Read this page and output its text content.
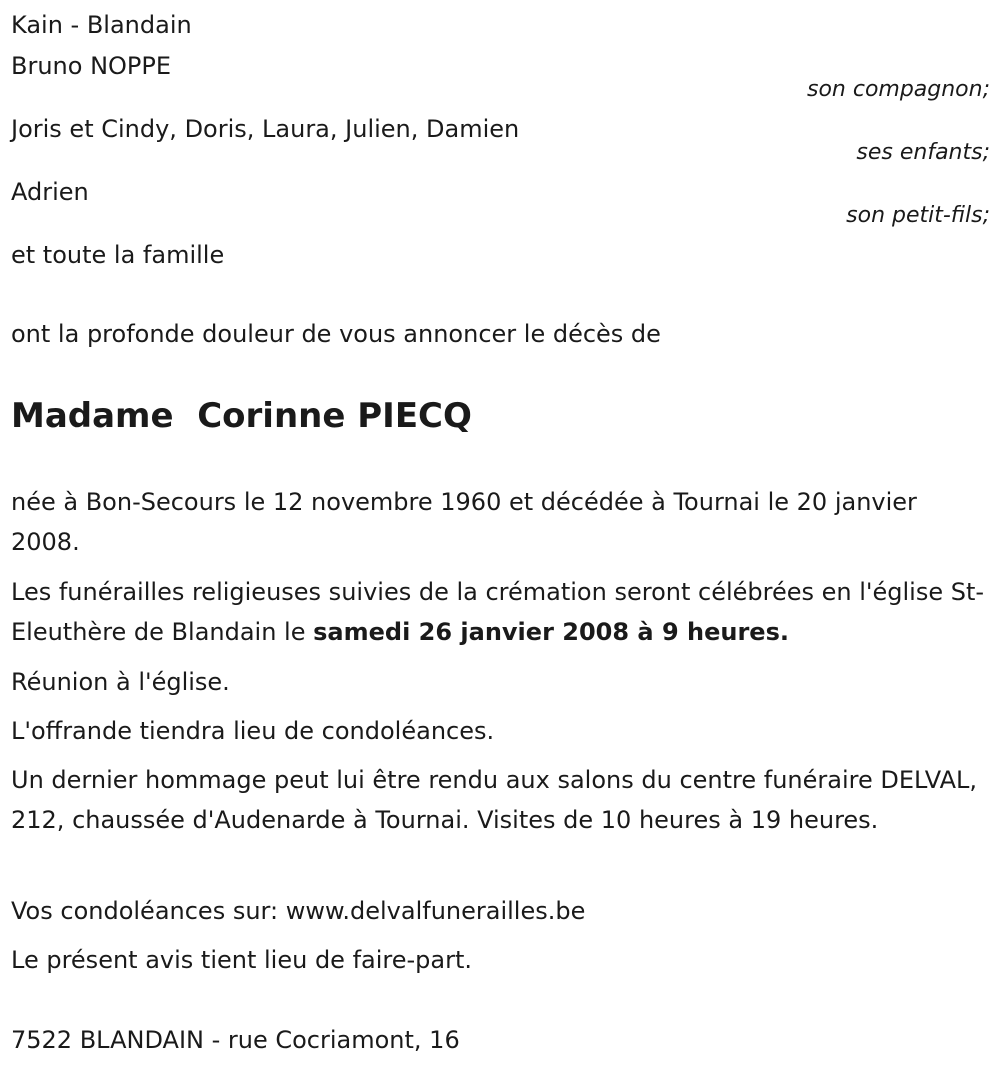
Kain - Blandain
Bruno NOPPE
son compagnon;
Joris et Cindy, Doris, Laura, Julien, Damien
ses enfants;
Adrien
son petit-fils;
et toute la famille
ont la profonde douleur de vous annoncer le décès de
Madame  Corinne PIECQ
née à Bon-Secours le 12 novembre 1960 et décédée à Tournai le 20 janvier 2008.
Les funérailles religieuses suivies de la crémation seront célébrées en l'église St-Eleuthère de Blandain le samedi 26 janvier 2008 à 9 heures.
Réunion à l'église.
L'offrande tiendra lieu de condoléances.
Un dernier hommage peut lui être rendu aux salons du centre funéraire DELVAL, 212, chaussée d'Audenarde à Tournai. Visites de 10 heures à 19 heures.
Vos condoléances sur: www.delvalfunerailles.be
Le présent avis tient lieu de faire-part.
7522 BLANDAIN - rue Cocriamont, 16
